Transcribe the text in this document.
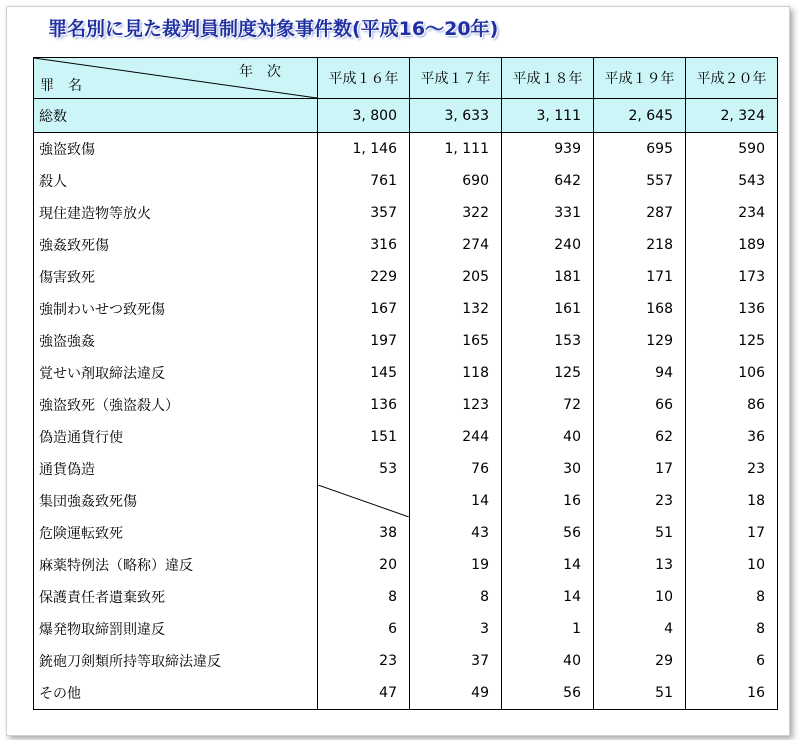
罪名別に見た裁判員制度対象事件数(平成16～20年)
年次
罪名	平成１６年	平成１７年	平成１８年	平成１９年	平成２０年
総数	3, 800	3, 633	3, 111	2, 645	2, 324
強盗致傷	1, 146	1, 111	939	695	590
殺人	761	690	642	557	543
現住建造物等放火	357	322	331	287	234
強姦致死傷	316	274	240	218	189
傷害致死	229	205	181	171	173
強制わいせつ致死傷	167	132	161	168	136
強盗強姦	197	165	153	129	125
覚せい剤取締法違反	145	118	125	94	106
強盗致死（強盗殺人）	136	123	72	66	86
偽造通貨行使	151	244	40	62	36
通貨偽造	53	76	30	17	23
集団強姦致死傷		14	16	23	18
危険運転致死	38	43	56	51	17
麻薬特例法（略称）違反	20	19	14	13	10
保護責任者遺棄致死	8	8	14	10	8
爆発物取締罰則違反	6	3	1	4	8
銃砲刀剣類所持等取締法違反	23	37	40	29	6
その他	47	49	56	51	16
